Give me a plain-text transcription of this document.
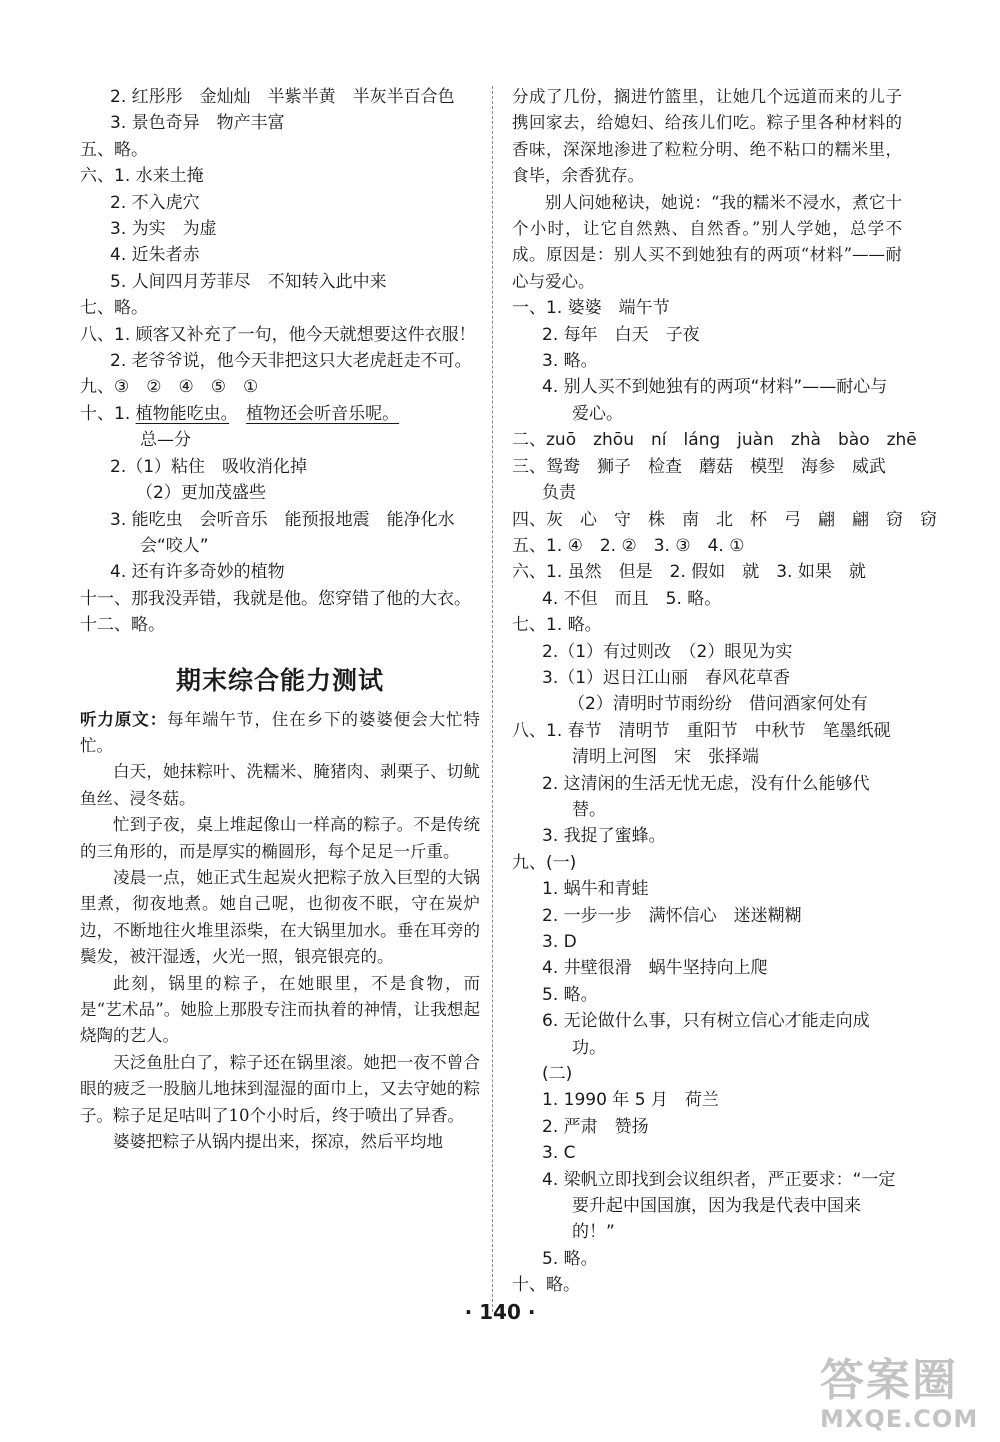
2. 红彤彤　金灿灿　半紫半黄　半灰半百合色
3. 景色奇异　物产丰富
五、略。
六、1. 水来土掩
2. 不入虎穴
3. 为实　为虚
4. 近朱者赤
5. 人间四月芳菲尽　不知转入此中来
七、略。
八、1. 顾客又补充了一句，他今天就想要这件衣服！
2. 老爷爷说，他今天非把这只大老虎赶走不可。
九、③　②　④　⑤　①
十、1. 植物能吃虫。　 植物还会听音乐呢。
总—分
2.（1）粘住　吸收消化掉
（2）更加茂盛些
3. 能吃虫　会听音乐　能预报地震　能净化水会“咬人”
4. 还有许多奇妙的植物
十一、那我没弄错，我就是他。您穿错了他的大衣。
十二、略。
期末综合能力测试
听力原文：每年端午节，住在乡下的婆婆便会大忙特忙。
白天，她抹粽叶、洗糯米、腌猪肉、剥栗子、切鱿鱼丝、浸冬菇。
忙到子夜，桌上堆起像山一样高的粽子。不是传统的三角形的，而是厚实的椭圆形，每个足足一斤重。
凌晨一点，她正式生起炭火把粽子放入巨型的大锅里煮，彻夜地煮。她自己呢，也彻夜不眠，守在炭炉边，不断地往火堆里添柴，在大锅里加水。垂在耳旁的鬓发，被汗湿透，火光一照，银亮银亮的。
此刻，锅里的粽子，在她眼里，不是食物，而是“艺术品”。她脸上那股专注而执着的神情，让我想起烧陶的艺人。
天泛鱼肚白了，粽子还在锅里滚。她把一夜不曾合眼的疲乏一股脑儿地抹到湿湿的面巾上，又去守她的粽子。粽子足足咕叫了10个小时后，终于喷出了异香。
婆婆把粽子从锅内提出来，探凉，然后平均地
分成了几份，搁进竹篮里，让她几个远道而来的儿子携回家去，给媳妇、给孩儿们吃。粽子里各种材料的香味，深深地渗进了粒粒分明、绝不粘口的糯米里，食毕，余香犹存。
别人问她秘诀，她说：“我的糯米不浸水，煮它十个小时，让它自然熟、自然香。”别人学她，总学不成。原因是：别人买不到她独有的两项“材料”——耐心与爱心。
一、1. 婆婆　端午节
2. 每年　白天　子夜
3. 略。
4. 别人买不到她独有的两项“材料”——耐心与爱心。
二、zuō　zhōu　ní　láng　juàn　zhà　bào　zhē
三、鸳鸯　狮子　检查　蘑菇　模型　海参　威武负责
四、灰　心　守　株　南　北　杯　弓　翩　翩　窃　窃
五、1. ④　2. ②　3. ③　4. ①
六、1. 虽然　但是　2. 假如　就　3. 如果　就
4. 不但　而且　5. 略。
七、1. 略。
2.（1）有过则改　（2）眼见为实
3.（1）迟日江山丽　春风花草香
（2）清明时节雨纷纷　借问酒家何处有
八、1. 春节　清明节　重阳节　中秋节　笔墨纸砚清明上河图　宋　张择端
2. 这清闲的生活无忧无虑，没有什么能够代替。
3. 我捉了蜜蜂。
九、(一)
1. 蜗牛和青蛙
2. 一步一步　满怀信心　迷迷糊糊
3. D
4. 井壁很滑　蜗牛坚持向上爬
5. 略。
6. 无论做什么事，只有树立信心才能走向成功。
(二)
1. 1990 年 5 月　荷兰
2. 严肃　赞扬
3. C
4. 梁帆立即找到会议组织者，严正要求：“一定要升起中国国旗，因为我是代表中国来的！”
5. 略。
十、略。
· 140 ·
答案圈
MXQE.COM
